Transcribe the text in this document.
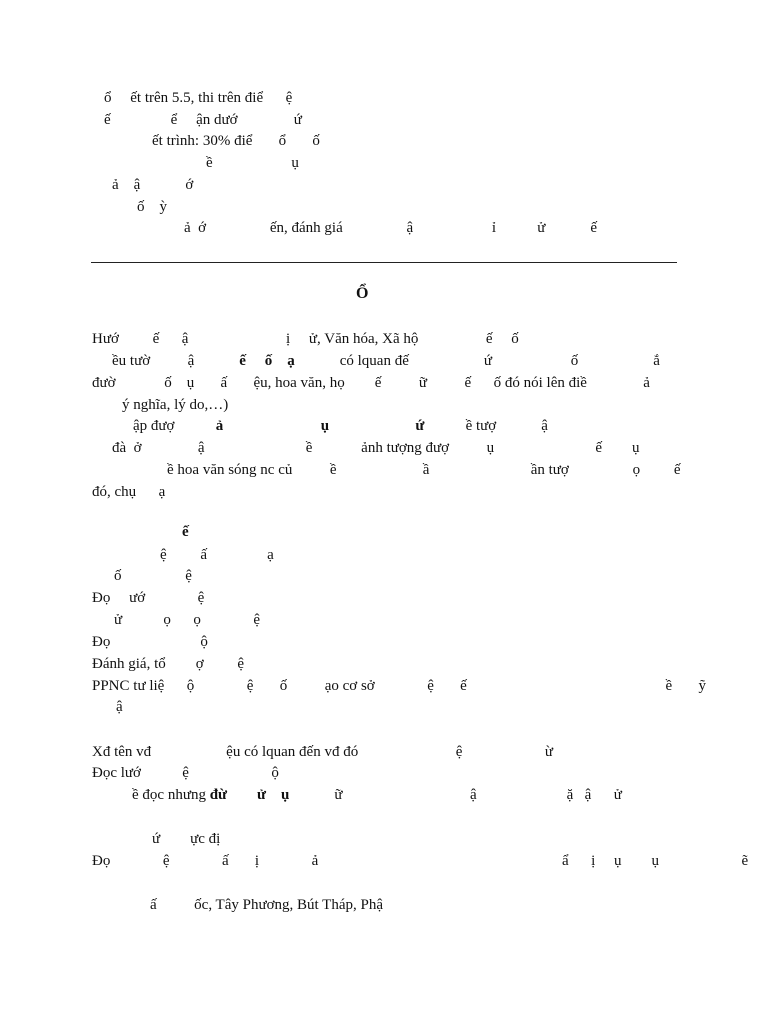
ổ     ết trên 5.5, thi trên điể      ệ
ế                ể     ận dướ               ứ
ết trình: 30% điể       ổ       ố
ề                     ụ
ả    ậ            ớ
ố    ỳ
ả  ớ                 ến, đánh giá                 ậ                     ỉ           ử            ế
Ổ
Hướ         ế      ậ                          ị     ử, Văn hóa, Xã hộ                  ế     ố
ều tườ          ậ            ế     ố    ạ            có lquan đế                    ứ                     ố                    ắ
đườ             ố    ụ       ấ       ệu, hoa văn, họ        ế          ữ          ế      ố đó nói lên điề               ả
ý nghĩa, lý do,…)
ập đượ           ả	ụ	ứ           ề tượ            ậ
đà  ở               ậ                           ề             ảnh tượng đượ          ụ                           ế        ụ
ề hoa văn sóng nc củ          ề                       ầ                           ần tượ                 ọ         ế
đó, chụ      ạ
ế
ệ         ấ                ạ
ố                 ệ
Đọ     ướ              ệ
ử           ọ      ọ              ệ
Đọ                        ộ
Đánh giá, tổ        ợ         ệ
PPNC tư liệ      ộ              ệ       ố          ạo cơ sở              ệ       ế                                                     ề       ỹ
ậ
Xđ tên vđ                    ệu có lquan đến vđ đó                          ệ                      ừ
Đọc lướ           ệ                      ộ
ề đọc nhưng đừ ử    ụ            ữ                                  ậ                        ặ   ậ      ử
ứ        ực đị
Đọ              ệ              ấ       ị              ả                                                                 ẩ      ị     ụ        ụ                      ẽ
ấ          ốc, Tây Phương, Bút Tháp, Phậ
